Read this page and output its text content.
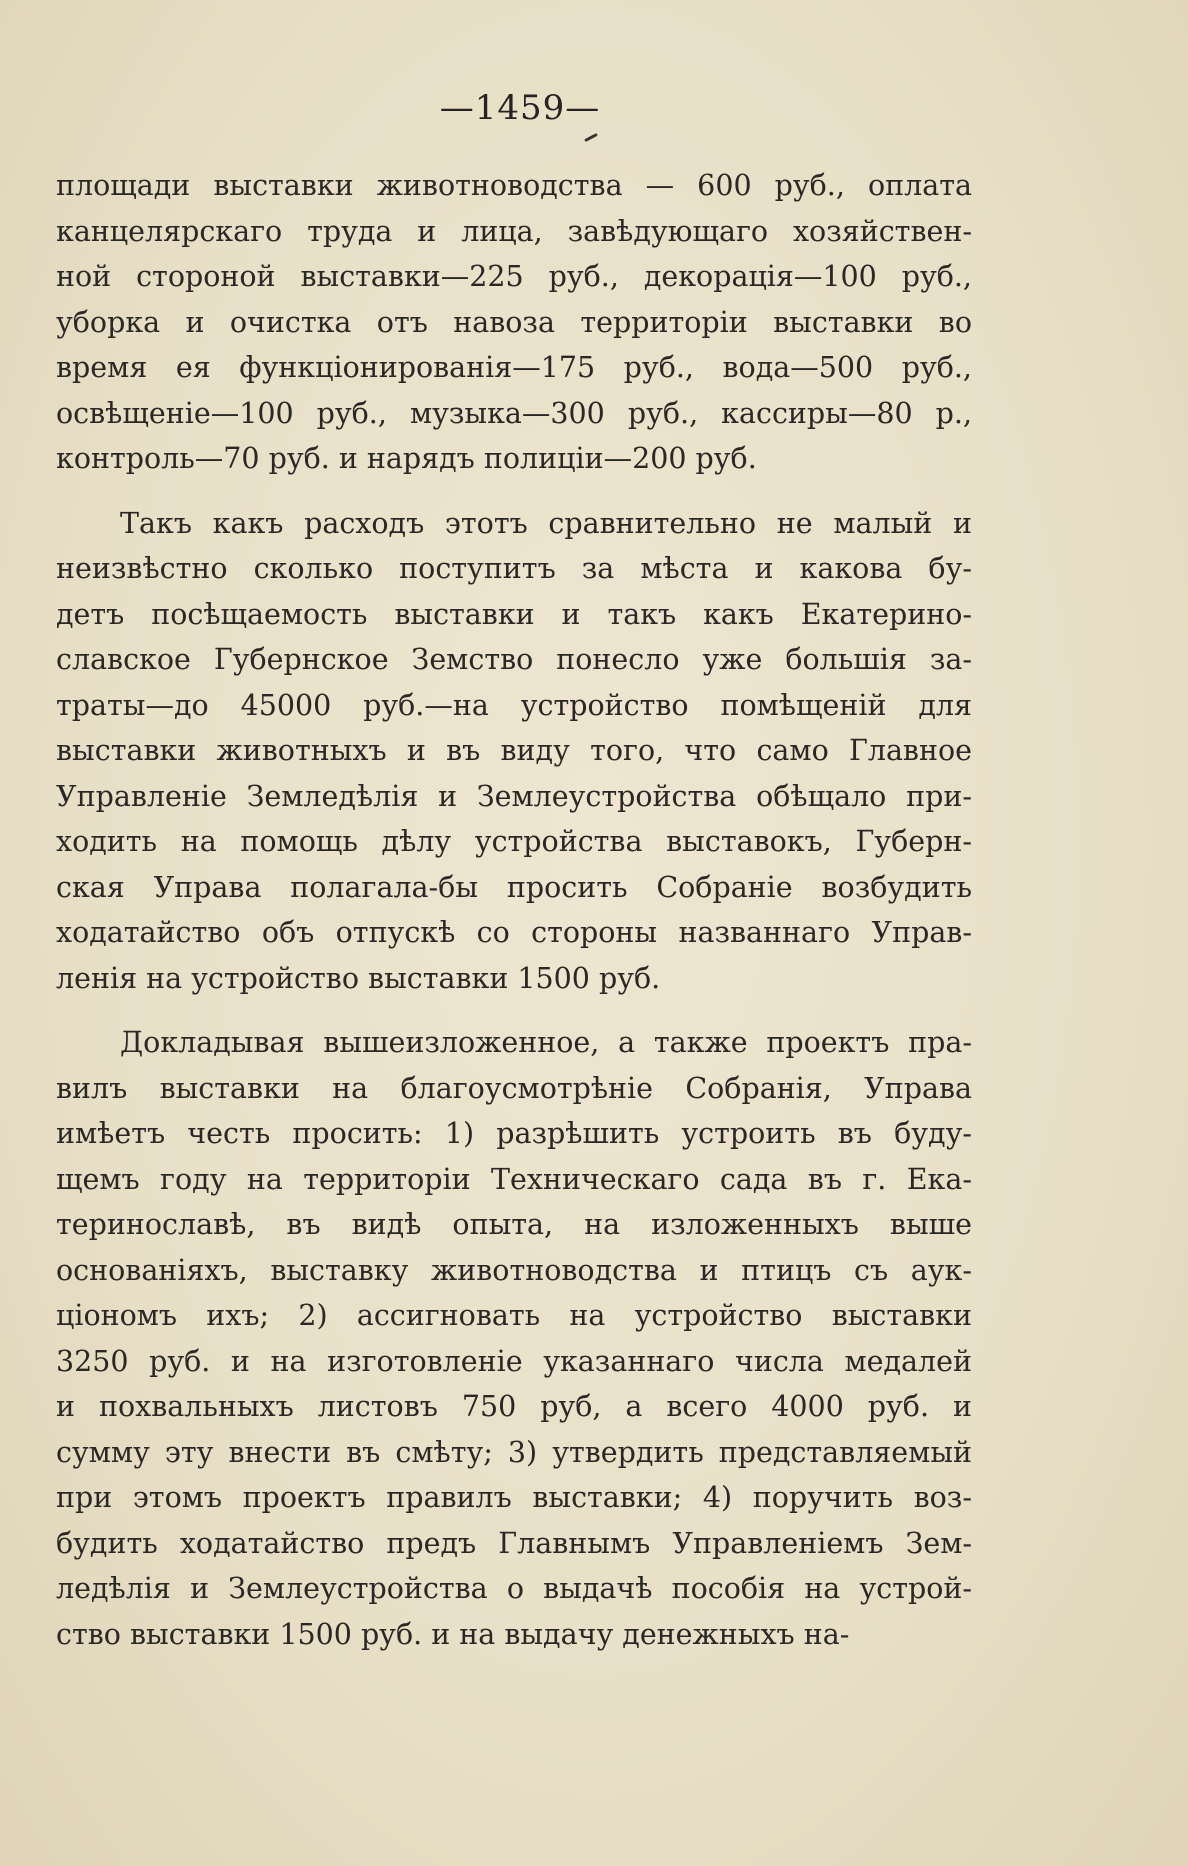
—1459—
площади выставки животноводства — 600 руб., оплата
канцелярскаго труда и лица, завѣдующаго хозяйствен-
ной стороной выставки—225 руб., декорація—100 руб.,
уборка и очистка отъ навоза территоріи выставки во
время ея функціонированія—175 руб., вода—500 руб.,
освѣщеніе—100 руб., музыка—300 руб., кассиры—80 р.,
контроль—70 руб. и нарядъ полиціи—200 руб.
Такъ какъ расходъ этотъ сравнительно не малый и
неизвѣстно сколько поступитъ за мѣста и какова бу-
детъ посѣщаемость выставки и такъ какъ Екатерино-
славское Губернское Земство понесло уже большія за-
траты—до 45000 руб.—на устройство помѣщеній для
выставки животныхъ и въ виду того, что само Главное
Управленіе Земледѣлія и Землеустройства обѣщало при-
ходить на помощь дѣлу устройства выставокъ, Губерн-
ская Управа полагала-бы просить Собраніе возбудить
ходатайство объ отпускѣ со стороны названнаго Управ-
ленія на устройство выставки 1500 руб.
Докладывая вышеизложенное, а также проектъ пра-
вилъ выставки на благоусмотрѣніе Собранія, Управа
имѣетъ честь просить: 1) разрѣшить устроить въ буду-
щемъ году на территоріи Техническаго сада въ г. Ека-
теринославѣ, въ видѣ опыта, на изложенныхъ выше
основаніяхъ, выставку животноводства и птицъ съ аук-
ціономъ ихъ; 2) ассигновать на устройство выставки
3250 руб. и на изготовленіе указаннаго числа медалей
и похвальныхъ листовъ 750 руб, а всего 4000 руб. и
сумму эту внести въ смѣту; 3) утвердить представляемый
при этомъ проектъ правилъ выставки; 4) поручить воз-
будить ходатайство предъ Главнымъ Управленіемъ Зем-
ледѣлія и Землеустройства о выдачѣ пособія на устрой-
ство выставки 1500 руб. и на выдачу денежныхъ на-
